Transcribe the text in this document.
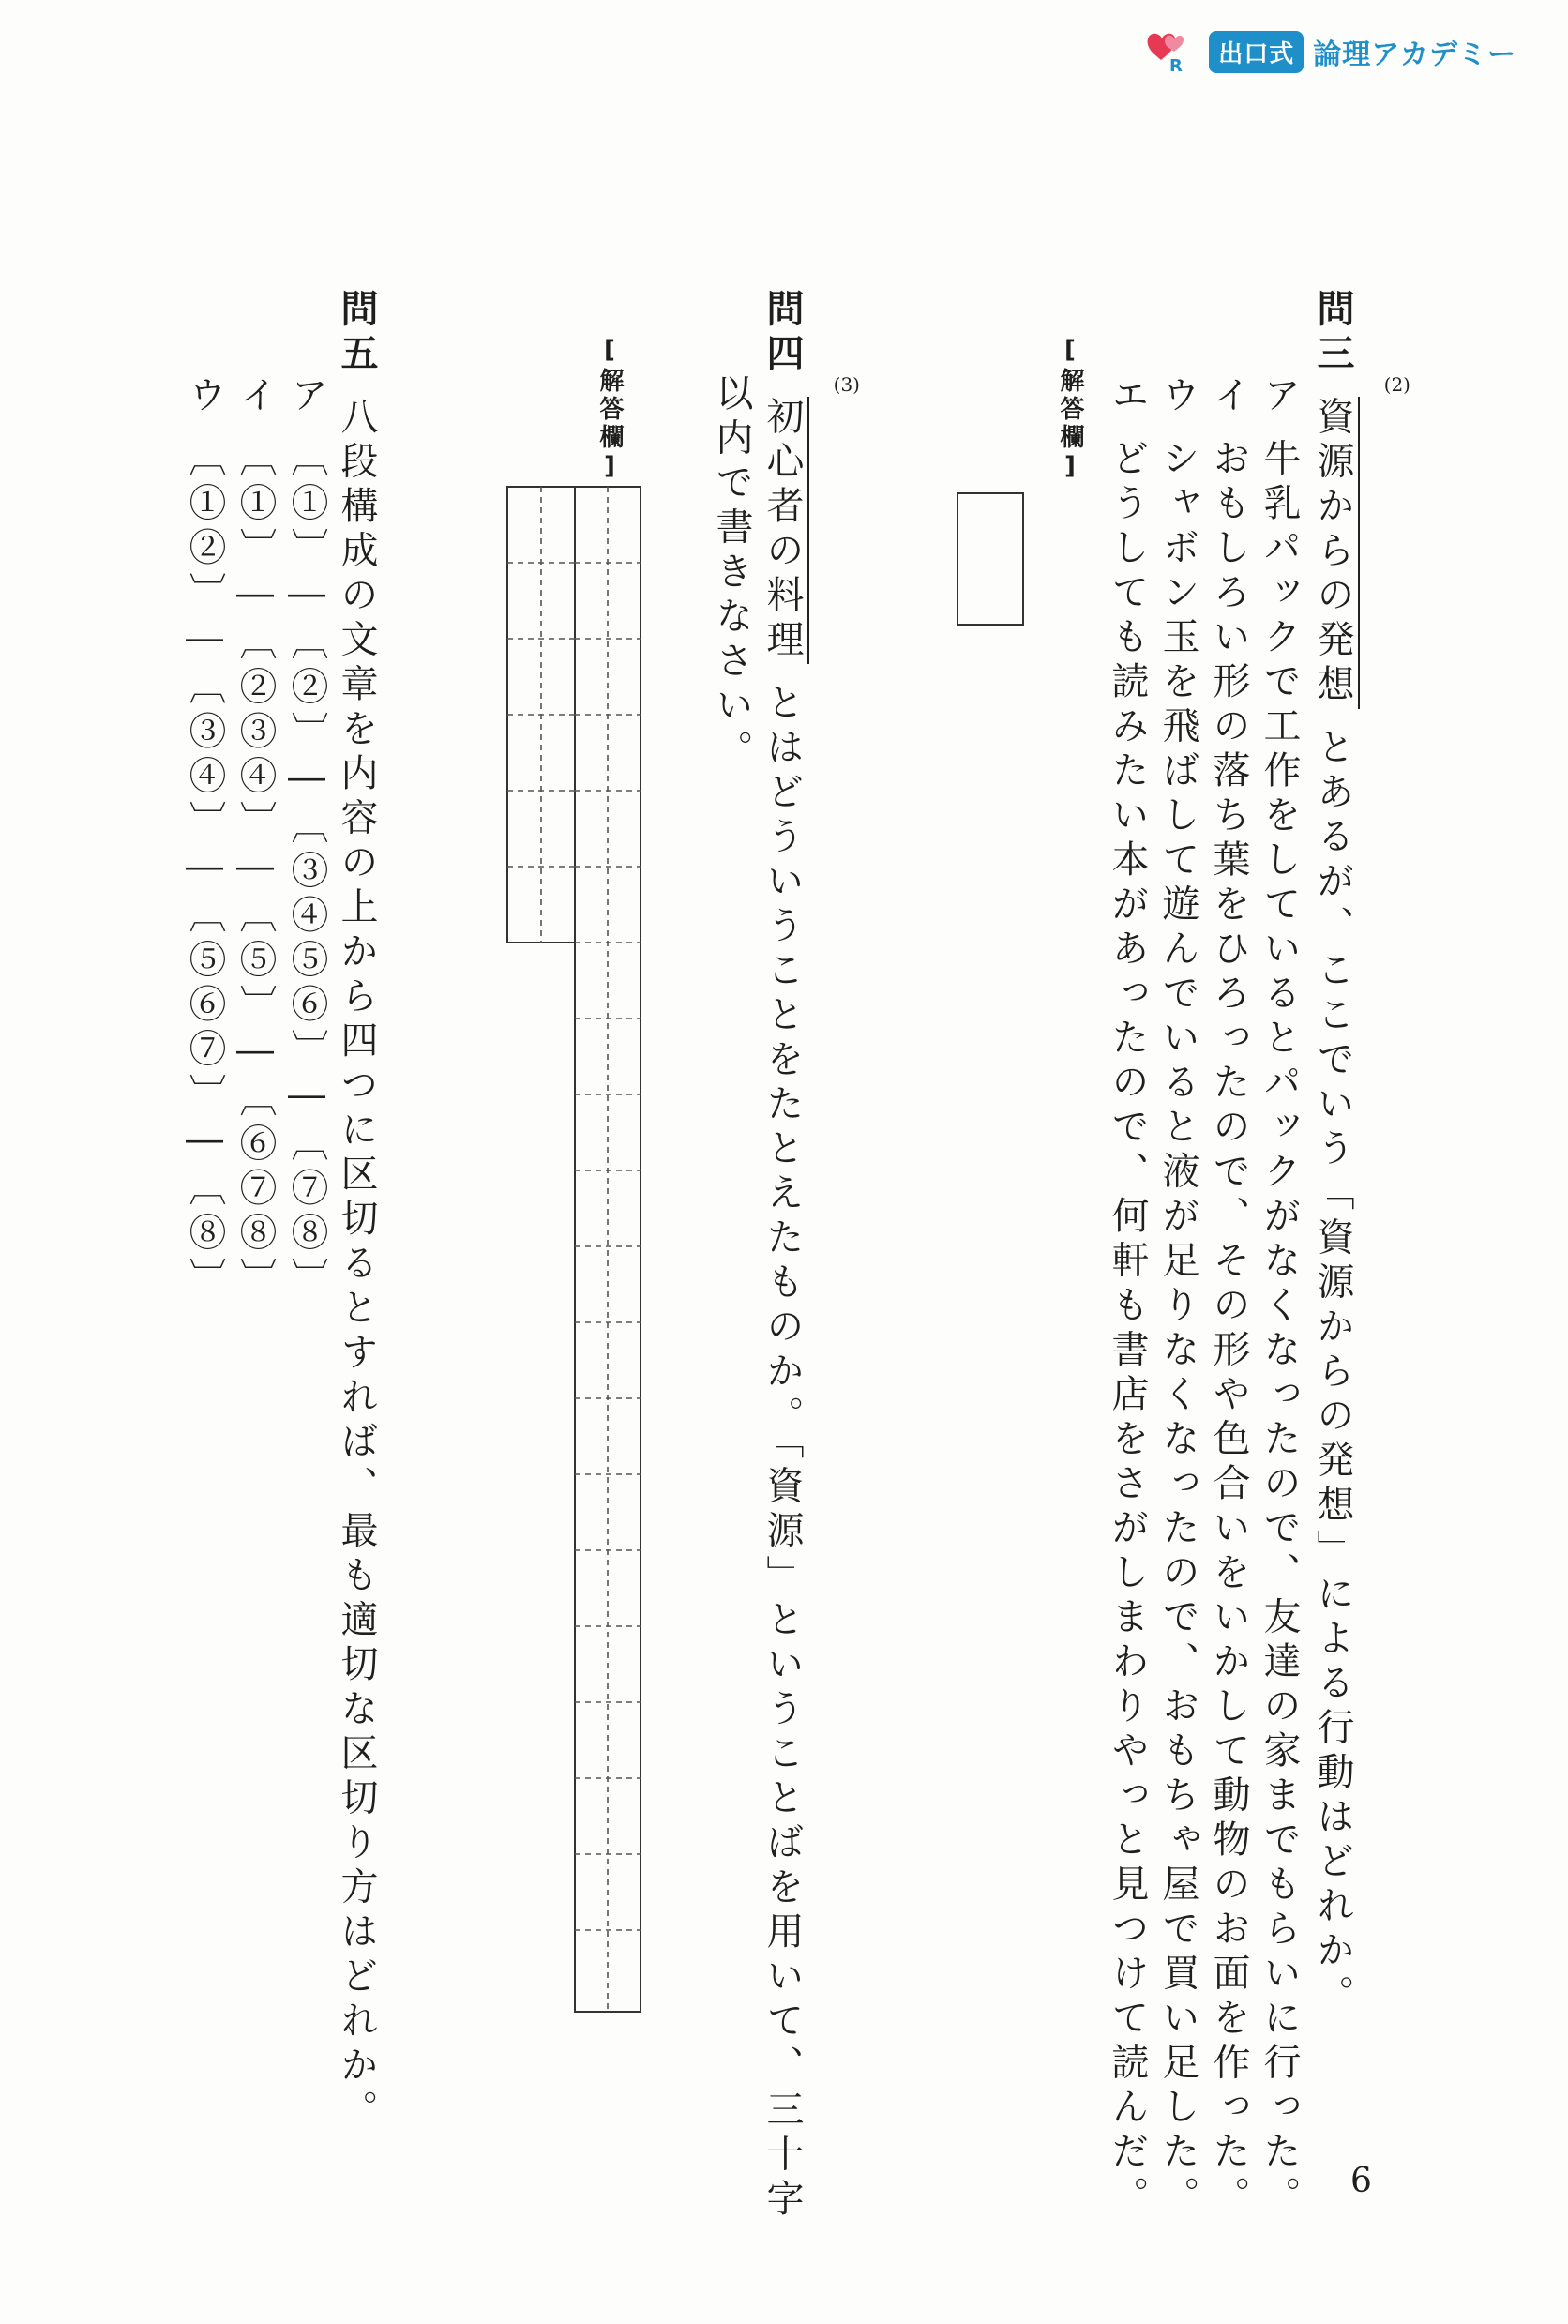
R	出口式 論理アカデミー
問三資源からの発想とあるが、ここでいう「資源からの発想」による行動はどれか。
(2)
ア牛乳パックで工作をしているとパックがなくなったので、友達の家までもらいに行った。
イおもしろい形の落ち葉をひろったので、その形や色合いをいかして動物のお面を作った。
ウシャボン玉を飛ばして遊んでいると液が足りなくなったので、おもちゃ屋で買い足した。
エどうしても読みたい本があったので、何軒も書店をさがしまわりやっと見つけて読んだ。
[解答欄]
問四初心者の料理とはどういうことをたとえたものか。「資源」ということばを用いて、三十字
(3)
以内で書きなさい。
[解答欄]
問五八段構成の文章を内容の上から四つに区切るとすれば、最も適切な区切り方はどれか。
ア〔①〕―〔②〕―〔③④⑤⑥〕―〔⑦⑧〕
イ〔①〕―〔②③④〕―〔⑤〕―〔⑥⑦⑧〕
ウ〔①②〕―〔③④〕―〔⑤⑥⑦〕―〔⑧〕
6
